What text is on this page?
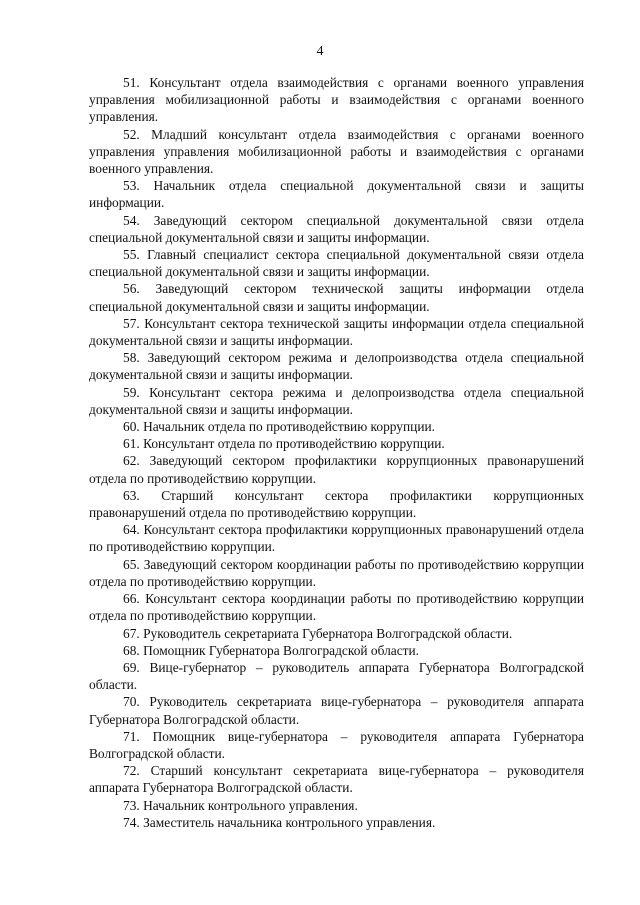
4

51. Консультант отдела взаимодействия с органами военного управления управления мобилизационной работы и взаимодействия с органами военного управления.

52. Младший консультант отдела взаимодействия с органами военного управления управления мобилизационной работы и взаимодействия с органами военного управления.

53. Начальник отдела специальной документальной связи и защиты информации.

54. Заведующий сектором специальной документальной связи отдела специальной документальной связи и защиты информации.

55. Главный специалист сектора специальной документальной связи отдела специальной документальной связи и защиты информации.

56. Заведующий сектором технической защиты информации отдела специальной документальной связи и защиты информации.

57. Консультант сектора технической защиты информации отдела специальной документальной связи и защиты информации.

58. Заведующий сектором режима и делопроизводства отдела специальной документальной связи и защиты информации.

59. Консультант сектора режима и делопроизводства отдела специальной документальной связи и защиты информации.

60. Начальник отдела по противодействию коррупции.

61. Консультант отдела по противодействию коррупции.

62. Заведующий сектором профилактики коррупционных правонарушений отдела по противодействию коррупции.

63. Старший консультант сектора профилактики коррупционных правонарушений отдела по противодействию коррупции.

64. Консультант сектора профилактики коррупционных правонарушений отдела по противодействию коррупции.

65. Заведующий сектором координации работы по противодействию коррупции отдела по противодействию коррупции.

66. Консультант сектора координации работы по противодействию коррупции отдела по противодействию коррупции.

67. Руководитель секретариата Губернатора Волгоградской области.

68. Помощник Губернатора Волгоградской области.

69. Вице-губернатор – руководитель аппарата Губернатора Волгоградской области.

70. Руководитель секретариата вице-губернатора – руководителя аппарата Губернатора Волгоградской области.

71. Помощник вице-губернатора – руководителя аппарата Губернатора Волгоградской области.

72. Старший консультант секретариата вице-губернатора – руководителя аппарата Губернатора Волгоградской области.

73. Начальник контрольного управления.

74. Заместитель начальника контрольного управления.
